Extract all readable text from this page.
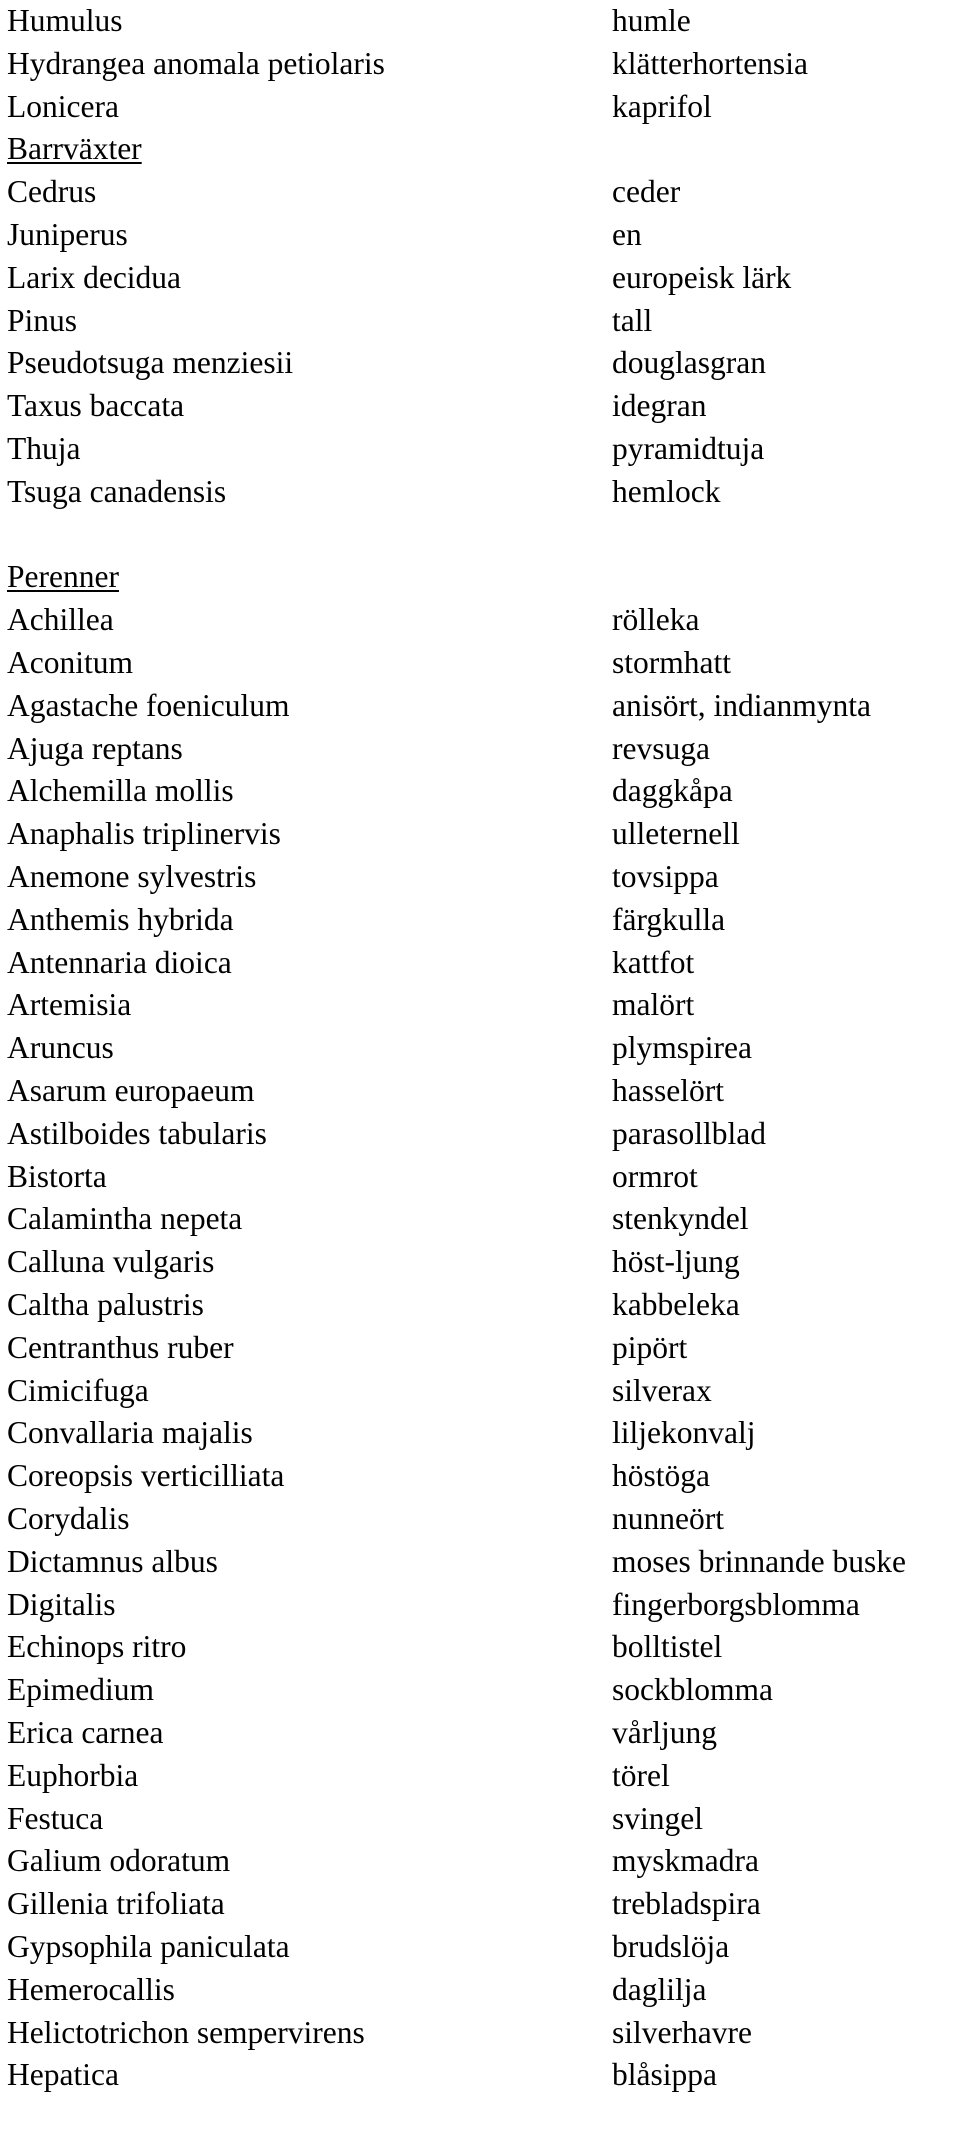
Humulus	humle
Hydrangea anomala petiolaris	klätterhortensia
Lonicera	kaprifol
Barrväxter
Cedrus	ceder
Juniperus	en
Larix decidua	europeisk lärk
Pinus	tall
Pseudotsuga menziesii	douglasgran
Taxus baccata	idegran
Thuja	pyramidtuja
Tsuga canadensis	hemlock
Perenner
Achillea	rölleka
Aconitum	stormhatt
Agastache foeniculum	anisört, indianmynta
Ajuga reptans	revsuga
Alchemilla mollis	daggkåpa
Anaphalis triplinervis	ulleternell
Anemone sylvestris	tovsippa
Anthemis hybrida	färgkulla
Antennaria dioica	kattfot
Artemisia	malört
Aruncus	plymspirea
Asarum europaeum	hasselört
Astilboides tabularis	parasollblad
Bistorta	ormrot
Calamintha nepeta	stenkyndel
Calluna vulgaris	höst-ljung
Caltha palustris	kabbeleka
Centranthus ruber	pipört
Cimicifuga	silverax
Convallaria majalis	liljekonvalj
Coreopsis verticilliata	höstöga
Corydalis	nunneört
Dictamnus albus	moses brinnande buske
Digitalis	fingerborgsblomma
Echinops ritro	bolltistel
Epimedium	sockblomma
Erica carnea	vårljung
Euphorbia	törel
Festuca	svingel
Galium odoratum	myskmadra
Gillenia trifoliata	trebladspira
Gypsophila paniculata	brudslöja
Hemerocallis	daglilja
Helictotrichon sempervirens	silverhavre
Hepatica	blåsippa
